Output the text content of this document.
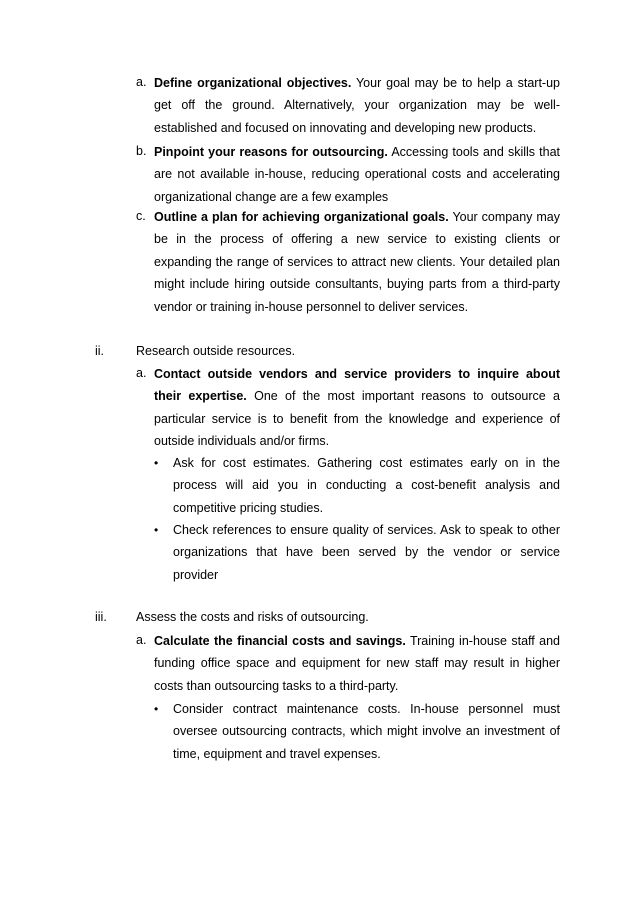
a. Define organizational objectives. Your goal may be to help a start-up get off the ground. Alternatively, your organization may be well-established and focused on innovating and developing new products.

b. Pinpoint your reasons for outsourcing. Accessing tools and skills that are not available in-house, reducing operational costs and accelerating organizational change are a few examples

c. Outline a plan for achieving organizational goals. Your company may be in the process of offering a new service to existing clients or expanding the range of services to attract new clients. Your detailed plan might include hiring outside consultants, buying parts from a third-party vendor or training in-house personnel to deliver services.

ii.	Research outside resources.
a. Contact outside vendors and service providers to inquire about their expertise. One of the most important reasons to outsource a particular service is to benefit from the knowledge and experience of outside individuals and/or firms.

• Ask for cost estimates. Gathering cost estimates early on in the process will aid you in conducting a cost-benefit analysis and competitive pricing studies.

• Check references to ensure quality of services. Ask to speak to other organizations that have been served by the vendor or service provider

iii. Assess the costs and risks of outsourcing.
a. Calculate the financial costs and savings. Training in-house staff and funding office space and equipment for new staff may result in higher costs than outsourcing tasks to a third-party.

• Consider contract maintenance costs. In-house personnel must oversee outsourcing contracts, which might involve an investment of time, equipment and travel expenses.
